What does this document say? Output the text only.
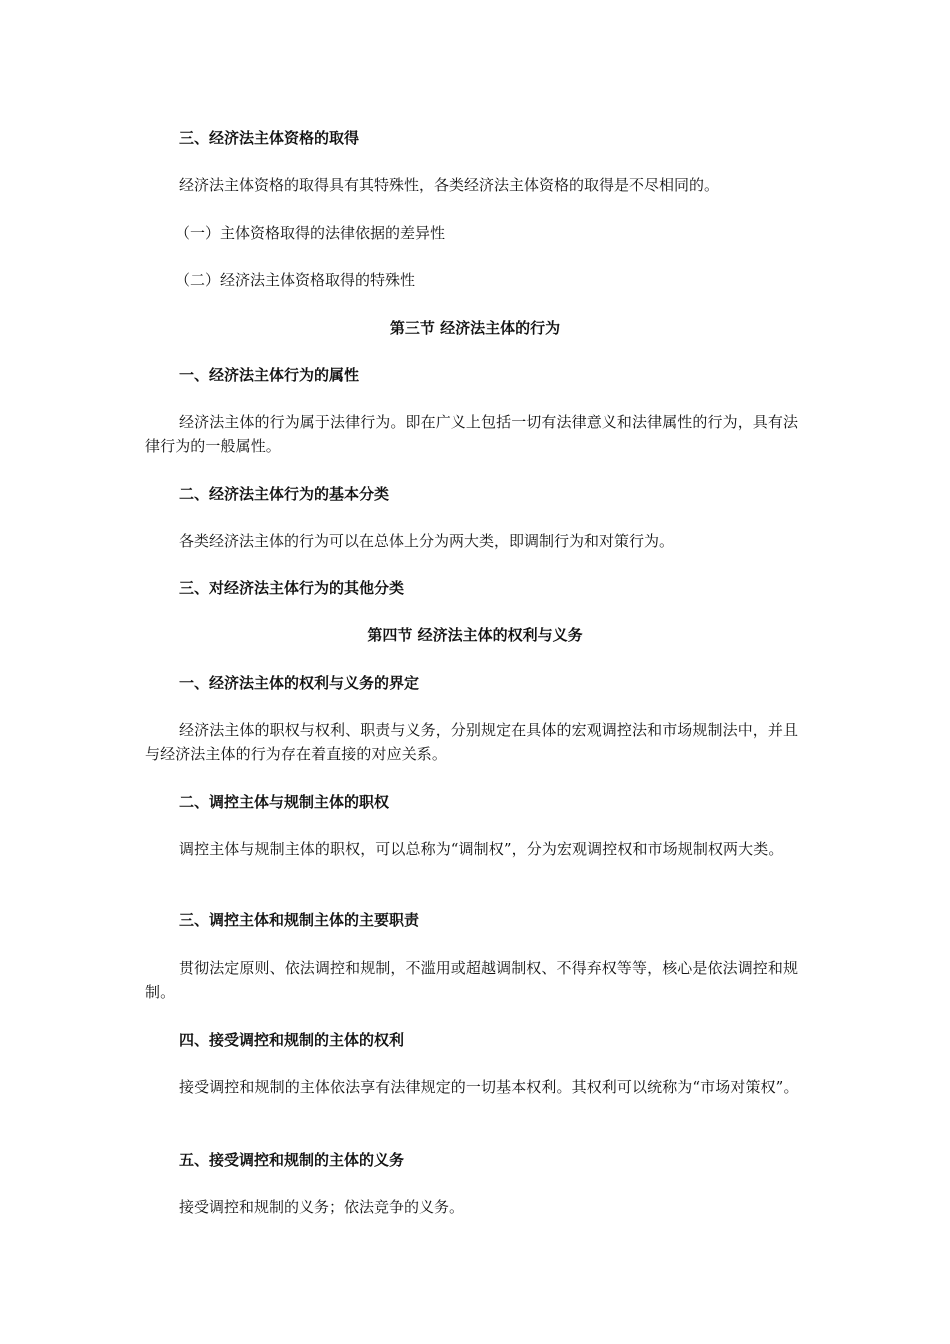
三、经济法主体资格的取得
经济法主体资格的取得具有其特殊性，各类经济法主体资格的取得是不尽相同的。
（一）主体资格取得的法律依据的差异性
（二）经济法主体资格取得的特殊性
第三节 经济法主体的行为
一、经济法主体行为的属性
经济法主体的行为属于法律行为。即在广义上包括一切有法律意义和法律属性的行为，具有法律行为的一般属性。
二、经济法主体行为的基本分类
各类经济法主体的行为可以在总体上分为两大类，即调制行为和对策行为。
三、对经济法主体行为的其他分类
第四节 经济法主体的权利与义务
一、经济法主体的权利与义务的界定
经济法主体的职权与权利、职责与义务，分别规定在具体的宏观调控法和市场规制法中，并且与经济法主体的行为存在着直接的对应关系。
二、调控主体与规制主体的职权
调控主体与规制主体的职权，可以总称为“调制权”，分为宏观调控权和市场规制权两大类。
三、调控主体和规制主体的主要职责
贯彻法定原则、依法调控和规制，不滥用或超越调制权、不得弃权等等，核心是依法调控和规制。
四、接受调控和规制的主体的权利
接受调控和规制的主体依法享有法律规定的一切基本权利。其权利可以统称为“市场对策权”。
五、接受调控和规制的主体的义务
接受调控和规制的义务；依法竞争的义务。
